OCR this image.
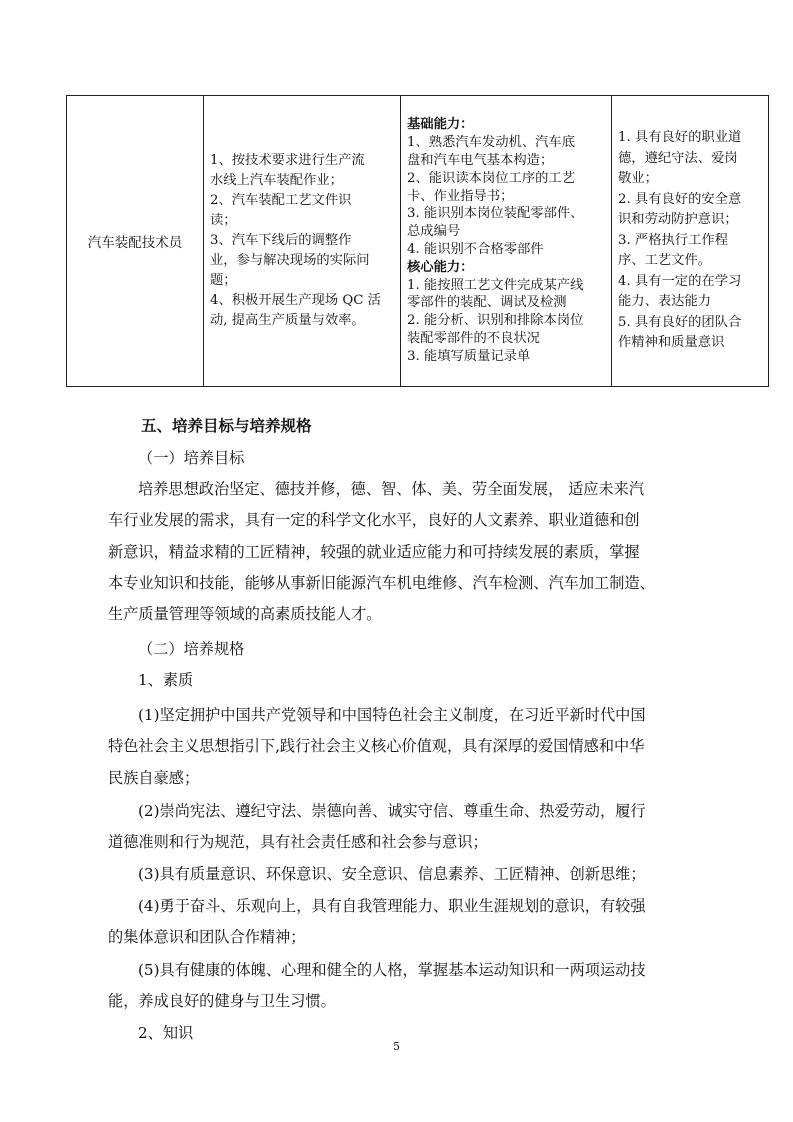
汽车装配技术员	
1、按技术要求进行生产流
水线上汽车装配作业；
2、汽车装配工艺文件识
读；
3、汽车下线后的调整作
业，参与解决现场的实际问
题；
4、积极开展生产现场 QC 活
动, 提高生产质量与效率。

基础能力：
1、熟悉汽车发动机、汽车底
盘和汽车电气基本构造；
2、能识读本岗位工序的工艺
卡、作业指导书；
3. 能识别本岗位装配零部件、
总成编号
4. 能识别不合格零部件
核心能力：
1. 能按照工艺文件完成某产线
零部件的装配、调试及检测
2. 能分析、识别和排除本岗位
装配零部件的不良状况
3. 能填写质量记录单

1. 具有良好的职业道
德，遵纪守法、爱岗
敬业；
2. 具有良好的安全意
识和劳动防护意识；
3. 严格执行工作程
序、工艺文件。
4. 具有一定的在学习
能力、表达能力
5. 具有良好的团队合
作精神和质量意识
五、培养目标与培养规格
（一）培养目标
培养思想政治坚定、德技并修，德、智、体、美、劳全面发展， 适应未来汽
车行业发展的需求，具有一定的科学文化水平，良好的人文素养、职业道德和创
新意识，精益求精的工匠精神，较强的就业适应能力和可持续发展的素质，掌握
本专业知识和技能，能够从事新旧能源汽车机电维修、汽车检测、汽车加工制造、
生产质量管理等领域的高素质技能人才。
（二）培养规格
1、素质
(1)坚定拥护中国共产党领导和中国特色社会主义制度，在习近平新时代中国
特色社会主义思想指引下,践行社会主义核心价值观，具有深厚的爱国情感和中华
民族自豪感；
(2)崇尚宪法、遵纪守法、崇德向善、诚实守信、尊重生命、热爱劳动，履行
道德准则和行为规范，具有社会责任感和社会参与意识；
(3)具有质量意识、环保意识、安全意识、信息素养、工匠精神、创新思维；
(4)勇于奋斗、乐观向上，具有自我管理能力、职业生涯规划的意识，有较强
的集体意识和团队合作精神；
(5)具有健康的体魄、心理和健全的人格，掌握基本运动知识和一两项运动技
能，养成良好的健身与卫生习惯。
2、知识
5
